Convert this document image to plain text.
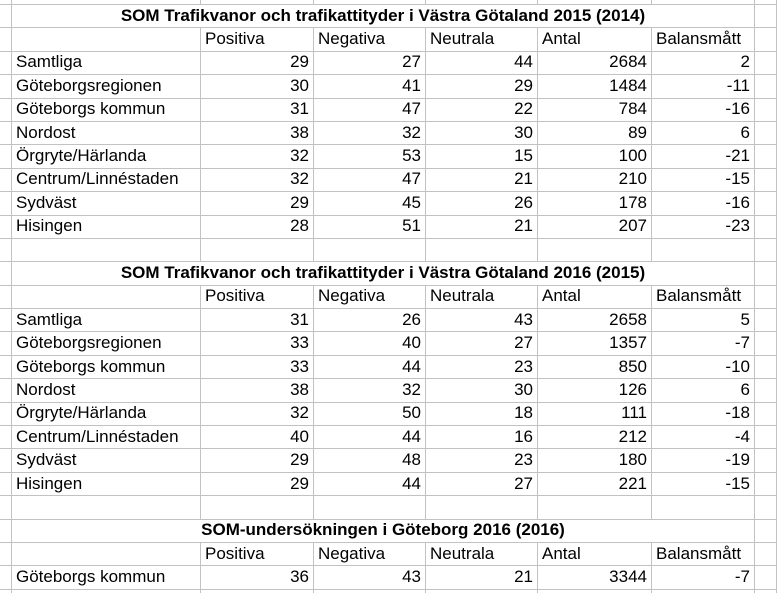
SOM Trafikvanor och trafikattityder i Västra Götaland 2015 (2014)
Positiva	Negativa	Neutrala	Antal	Balansmått
Samtliga	29	27	44	2684	2
Göteborgsregionen	30	41	29	1484	-11
Göteborgs kommun	31	47	22	784	-16
Nordost	38	32	30	89	6
Örgryte/Härlanda	32	53	15	100	-21
Centrum/Linnéstaden	32	47	21	210	-15
Sydväst	29	45	26	178	-16
Hisingen	28	51	21	207	-23
SOM Trafikvanor och trafikattityder i Västra Götaland 2016 (2015)
Positiva	Negativa	Neutrala	Antal	Balansmått
Samtliga	31	26	43	2658	5
Göteborgsregionen	33	40	27	1357	-7
Göteborgs kommun	33	44	23	850	-10
Nordost	38	32	30	126	6
Örgryte/Härlanda	32	50	18	111	-18
Centrum/Linnéstaden	40	44	16	212	-4
Sydväst	29	48	23	180	-19
Hisingen	29	44	27	221	-15
SOM-undersökningen i Göteborg 2016 (2016)
Positiva	Negativa	Neutrala	Antal	Balansmått
Göteborgs kommun	36	43	21	3344	-7
